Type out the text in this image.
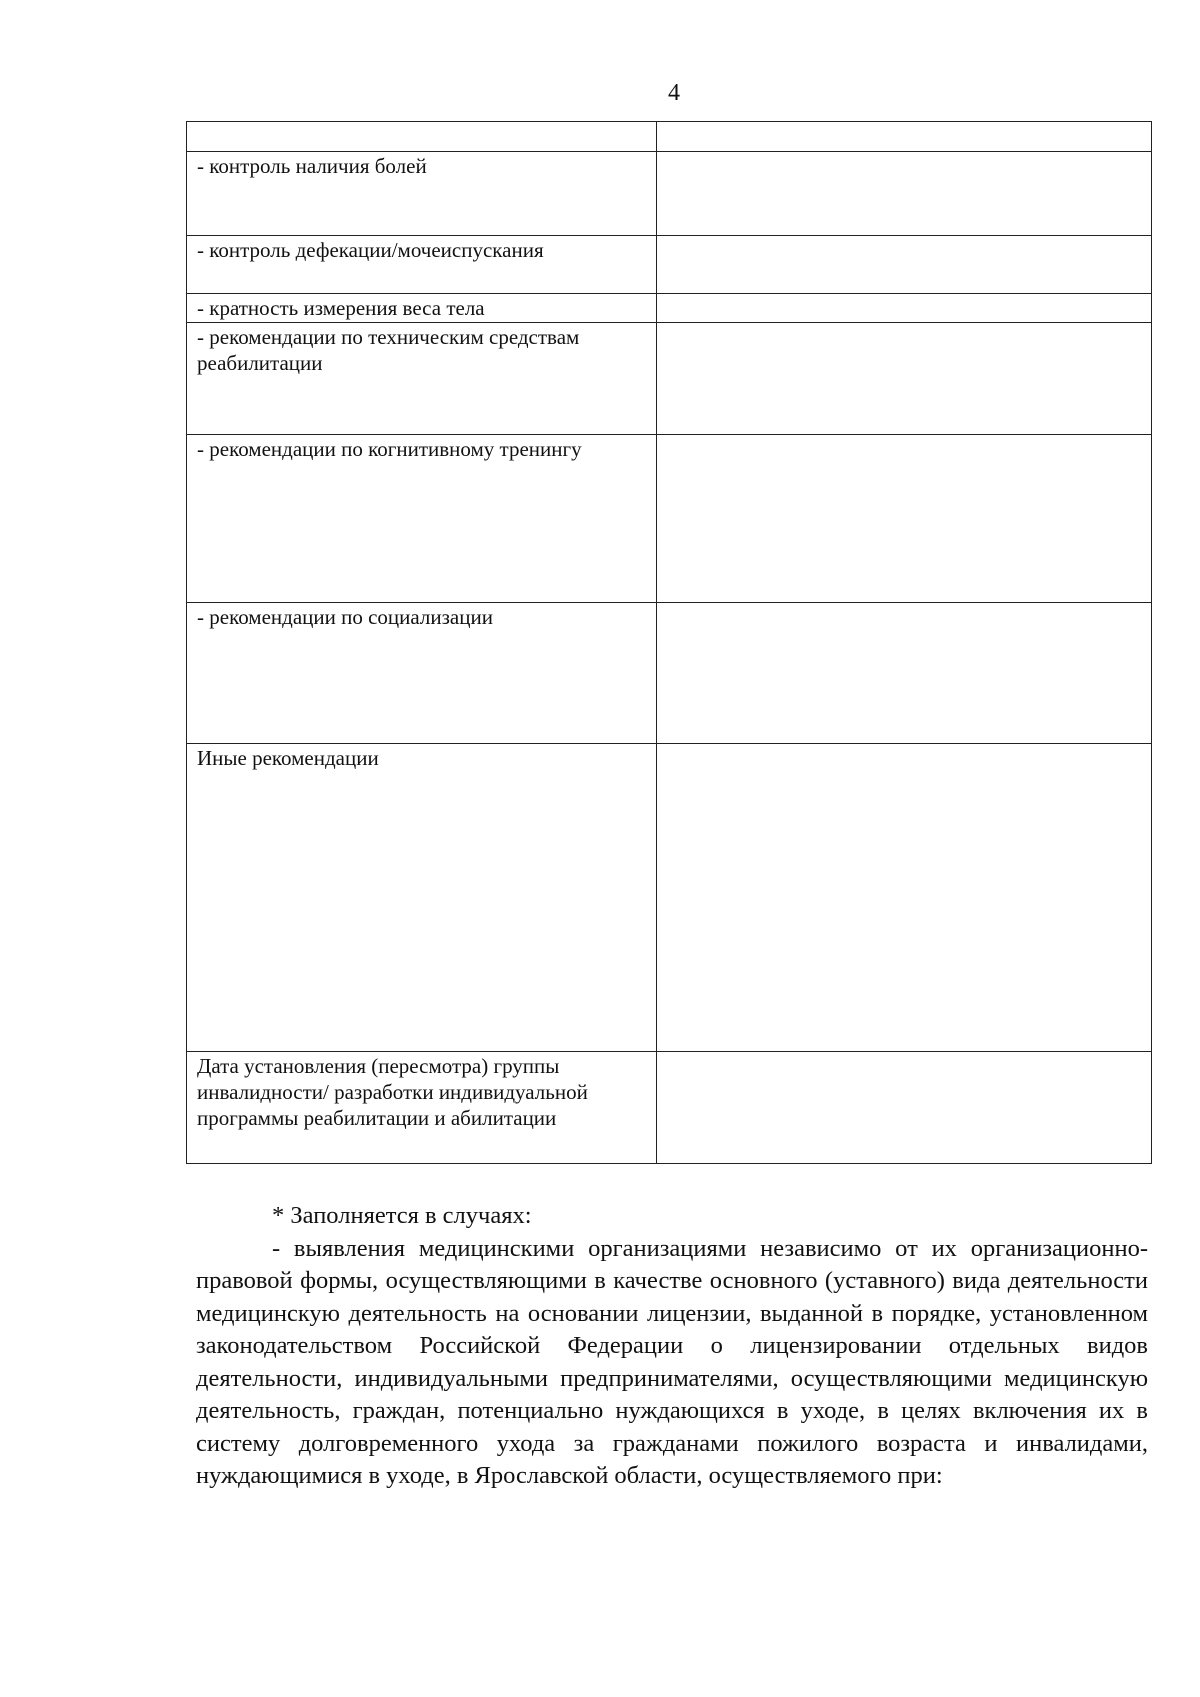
4

- контроль наличия болей	
- контроль дефекации/мочеиспускания	
- кратность измерения веса тела	
- рекомендации по техническим средствам реабилитации	
- рекомендации по когнитивному тренингу	
- рекомендации по социализации	
Иные рекомендации	
Дата установления (пересмотра) группы инвалидности/ разработки индивидуальной программы реабилитации и абилитации	
* Заполняется в случаях:

- выявления медицинскими организациями независимо от их организационно-правовой формы, осуществляющими в качестве основного (уставного) вида деятельности медицинскую деятельность на основании лицензии, выданной в порядке, установленном законодательством Российской Федерации о лицензировании отдельных видов деятельности, индивидуальными предпринимателями, осуществляющими медицинскую деятельность, граждан, потенциально нуждающихся в уходе, в целях включения их в систему долговременного ухода за гражданами пожилого возраста и инвалидами, нуждающимися в уходе, в Ярославской области, осуществляемого при:
